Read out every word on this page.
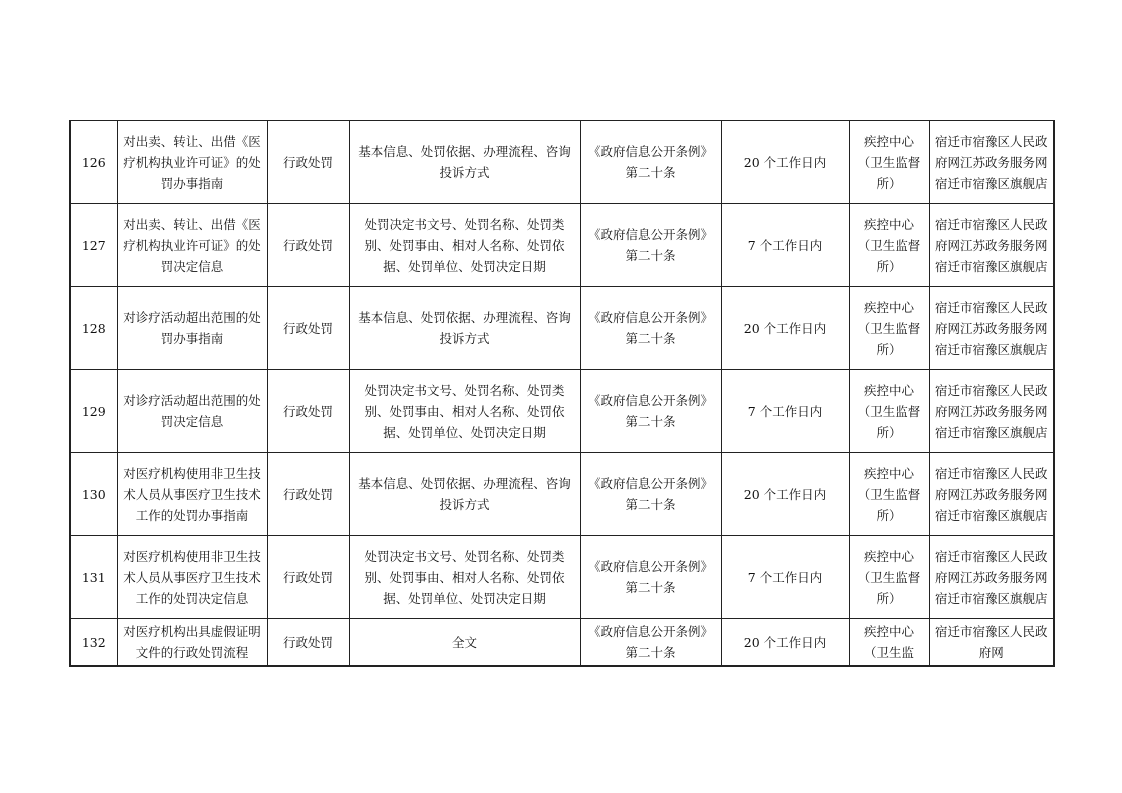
126	对出卖、转让、出借《医疗机构执业许可证》的处罚办事指南	行政处罚	基本信息、处罚依据、办理流程、咨询投诉方式	《政府信息公开条例》第二十条	20 个工作日内	疾控中心（卫生监督所）	宿迁市宿豫区人民政府网江苏政务服务网宿迁市宿豫区旗舰店
127	对出卖、转让、出借《医疗机构执业许可证》的处罚决定信息	行政处罚	处罚决定书文号、处罚名称、处罚类别、处罚事由、相对人名称、处罚依据、处罚单位、处罚决定日期	《政府信息公开条例》第二十条	7 个工作日内	疾控中心（卫生监督所）	宿迁市宿豫区人民政府网江苏政务服务网宿迁市宿豫区旗舰店
128	对诊疗活动超出范围的处罚办事指南	行政处罚	基本信息、处罚依据、办理流程、咨询投诉方式	《政府信息公开条例》第二十条	20 个工作日内	疾控中心（卫生监督所）	宿迁市宿豫区人民政府网江苏政务服务网宿迁市宿豫区旗舰店
129	对诊疗活动超出范围的处罚决定信息	行政处罚	处罚决定书文号、处罚名称、处罚类别、处罚事由、相对人名称、处罚依据、处罚单位、处罚决定日期	《政府信息公开条例》第二十条	7 个工作日内	疾控中心（卫生监督所）	宿迁市宿豫区人民政府网江苏政务服务网宿迁市宿豫区旗舰店
130	对医疗机构使用非卫生技术人员从事医疗卫生技术工作的处罚办事指南	行政处罚	基本信息、处罚依据、办理流程、咨询投诉方式	《政府信息公开条例》第二十条	20 个工作日内	疾控中心（卫生监督所）	宿迁市宿豫区人民政府网江苏政务服务网宿迁市宿豫区旗舰店
131	对医疗机构使用非卫生技术人员从事医疗卫生技术工作的处罚决定信息	行政处罚	处罚决定书文号、处罚名称、处罚类别、处罚事由、相对人名称、处罚依据、处罚单位、处罚决定日期	《政府信息公开条例》第二十条	7 个工作日内	疾控中心（卫生监督所）	宿迁市宿豫区人民政府网江苏政务服务网宿迁市宿豫区旗舰店
132	对医疗机构出具虚假证明文件的行政处罚流程	行政处罚	全文	《政府信息公开条例》第二十条	20 个工作日内	疾控中心（卫生监	宿迁市宿豫区人民政府网
